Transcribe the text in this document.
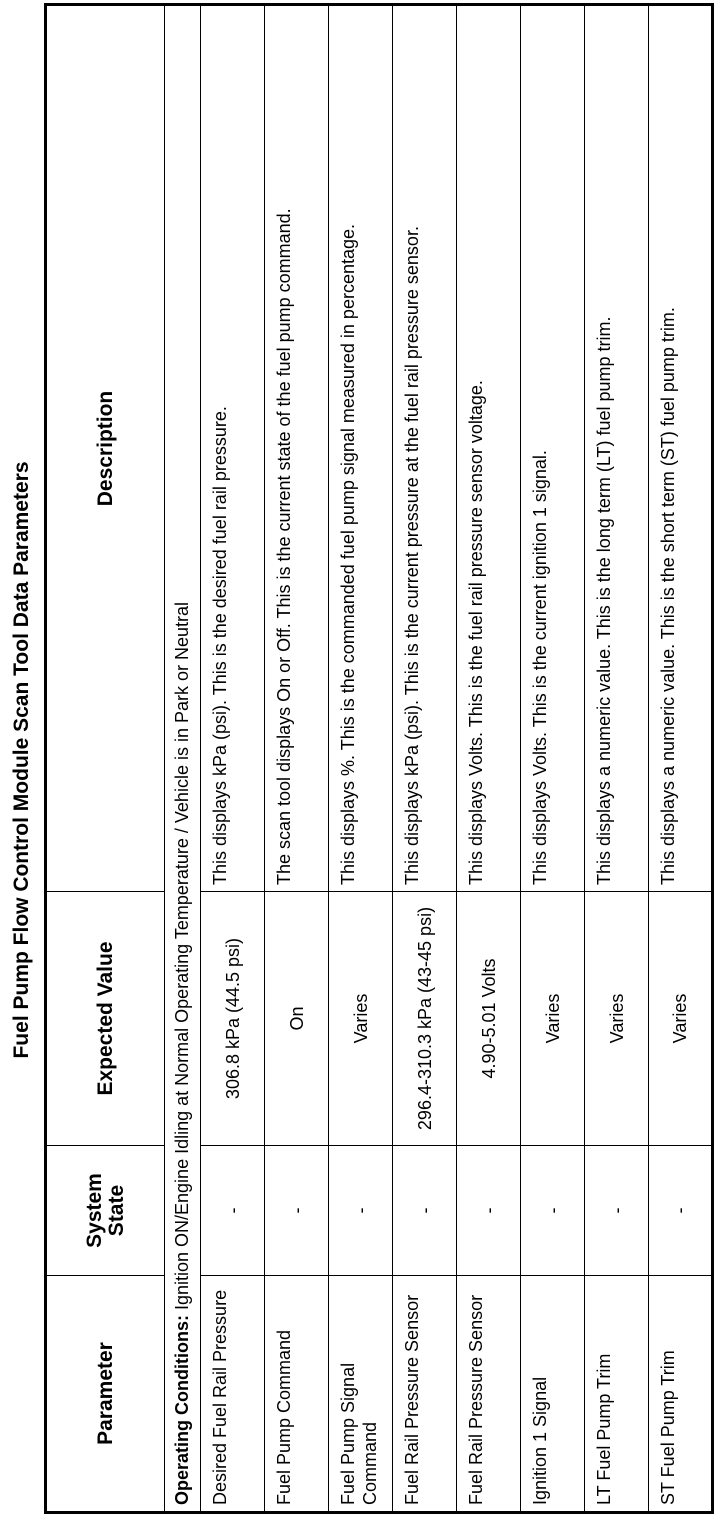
Fuel Pump Flow Control Module Scan Tool Data Parameters
Parameter	System State	Expected Value	Description
Operating Conditions: Ignition ON/Engine Idling at Normal Operating Temperature / Vehicle is in Park or Neutral			
Desired Fuel Rail Pressure	-	306.8 kPa (44.5 psi)	This displays kPa (psi). This is the desired fuel rail pressure.
Fuel Pump Command	-	On	The scan tool displays On or Off. This is the current state of the fuel pump command.
Fuel Pump Signal Command	-	Varies	This displays %. This is the commanded fuel pump signal measured in percentage.
Fuel Rail Pressure Sensor	-	296.4-310.3 kPa (43-45 psi)	This displays kPa (psi). This is the current pressure at the fuel rail pressure sensor.
Fuel Rail Pressure Sensor	-	4.90-5.01 Volts	This displays Volts. This is the fuel rail pressure sensor voltage.
Ignition 1 Signal	-	Varies	This displays Volts. This is the current ignition 1 signal.
LT Fuel Pump Trim	-	Varies	This displays a numeric value. This is the long term (LT) fuel pump trim.
ST Fuel Pump Trim	-	Varies	This displays a numeric value. This is the short term (ST) fuel pump trim.
